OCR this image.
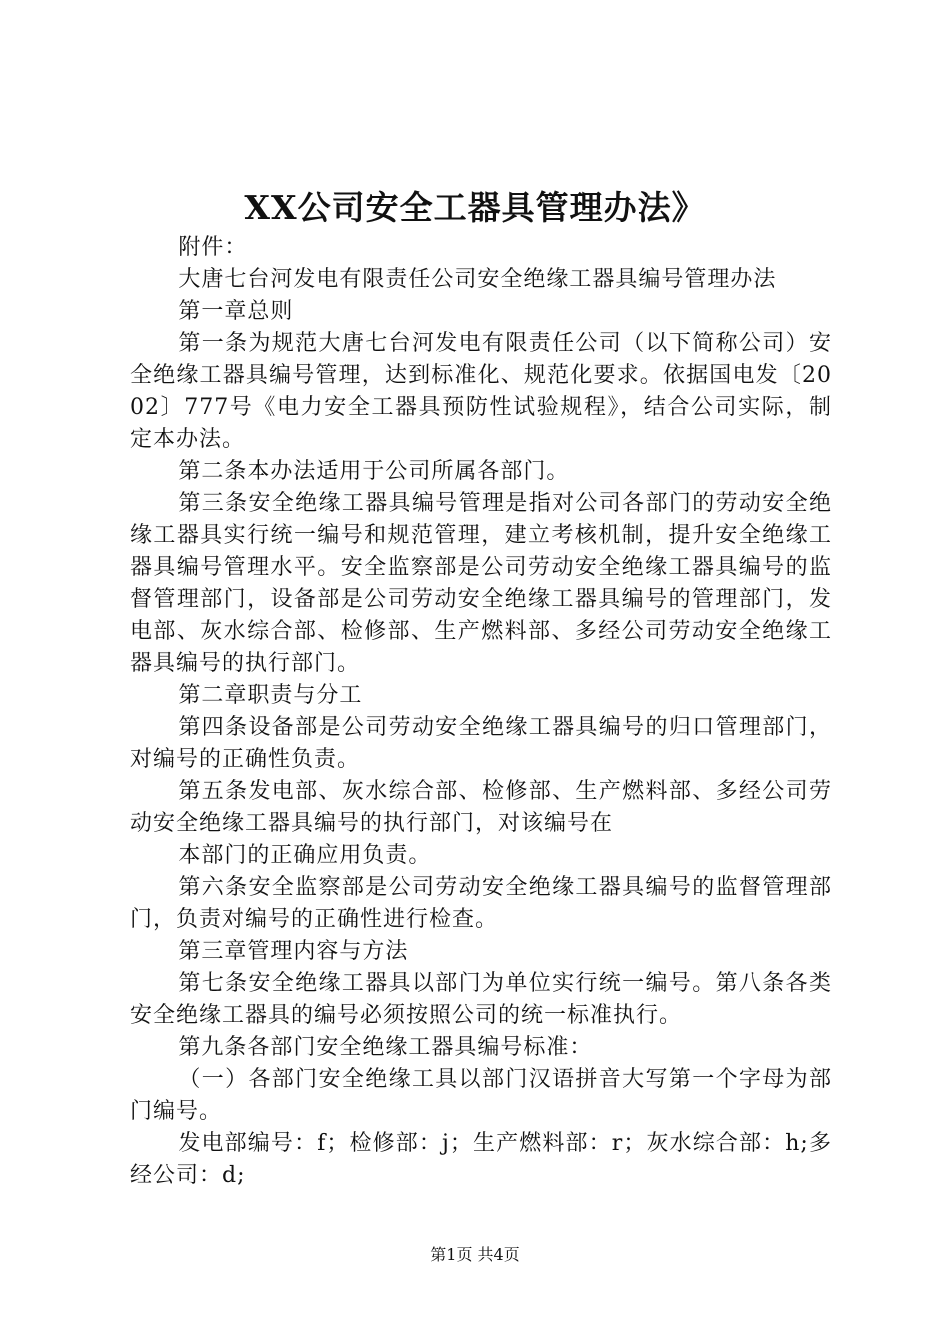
XX公司安全工器具管理办法》

附件：

大唐七台河发电有限责任公司安全绝缘工器具编号管理办法

第一章总则

第一条为规范大唐七台河发电有限责任公司（以下简称公司）安全绝缘工器具编号管理，达到标准化、规范化要求。依据国电发〔2002〕777号《电力安全工器具预防性试验规程》，结合公司实际，制定本办法。

第二条本办法适用于公司所属各部门。

第三条安全绝缘工器具编号管理是指对公司各部门的劳动安全绝缘工器具实行统一编号和规范管理，建立考核机制，提升安全绝缘工器具编号管理水平。安全监察部是公司劳动安全绝缘工器具编号的监督管理部门，设备部是公司劳动安全绝缘工器具编号的管理部门，发电部、灰水综合部、检修部、生产燃料部、多经公司劳动安全绝缘工器具编号的执行部门。

第二章职责与分工

第四条设备部是公司劳动安全绝缘工器具编号的归口管理部门，对编号的正确性负责。

第五条发电部、灰水综合部、检修部、生产燃料部、多经公司劳动安全绝缘工器具编号的执行部门，对该编号在

本部门的正确应用负责。

第六条安全监察部是公司劳动安全绝缘工器具编号的监督管理部门，负责对编号的正确性进行检查。

第三章管理内容与方法

第七条安全绝缘工器具以部门为单位实行统一编号。第八条各类安全绝缘工器具的编号必须按照公司的统一标准执行。

第九条各部门安全绝缘工器具编号标准：

（一）各部门安全绝缘工具以部门汉语拼音大写第一个字母为部门编号。

发电部编号：f；检修部：j；生产燃料部：r；灰水综合部：h;多经公司：d;

第1页 共4页
